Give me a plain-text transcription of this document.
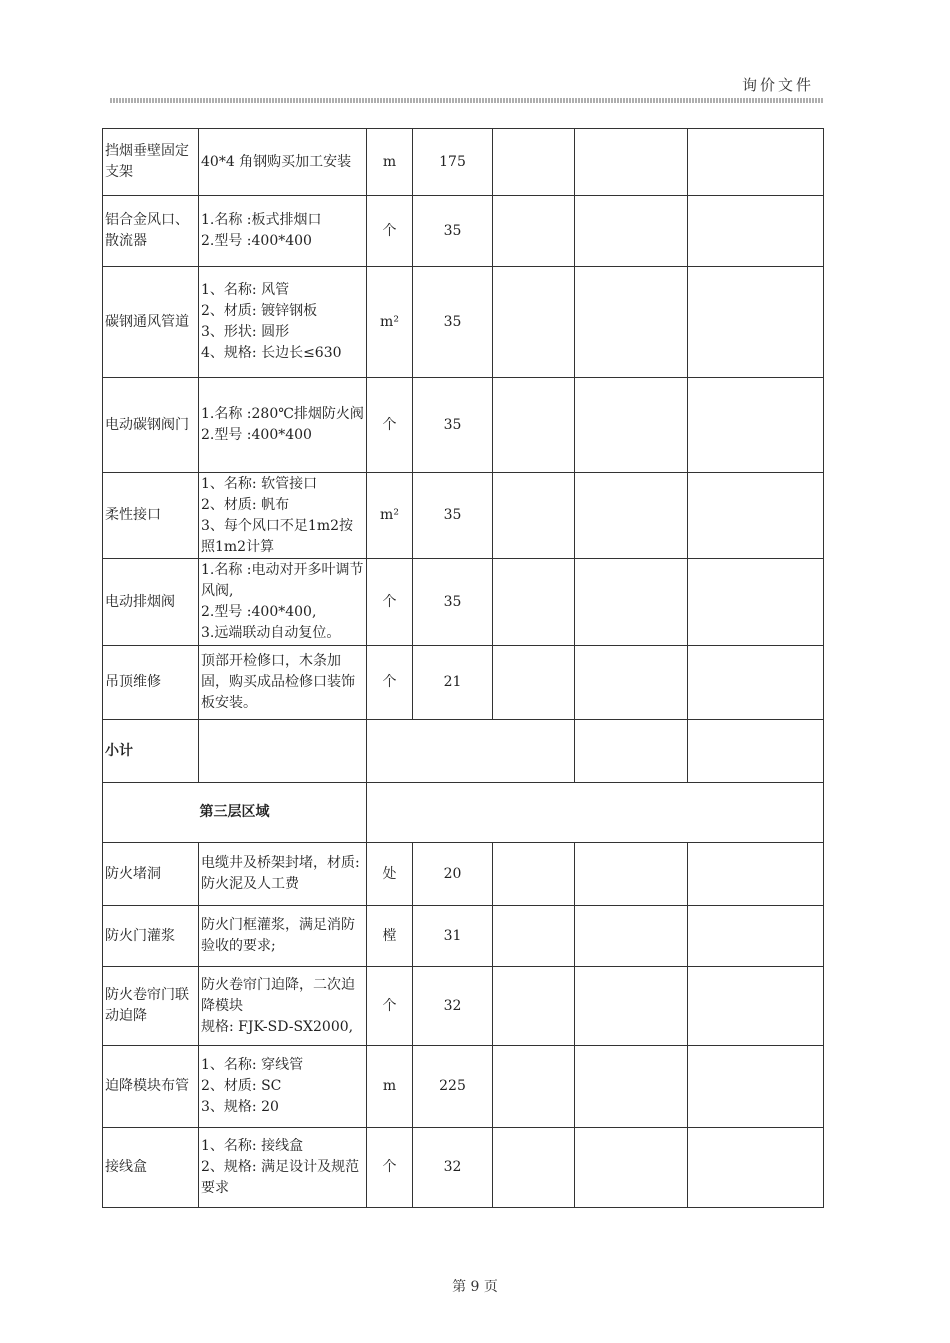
询价文件
挡烟垂壁固定支架	40*4 角钢购买加工安装	m	175			
铝合金风口、散流器	1.名称 :板式排烟口
2.型号 :400*400	个	35			
碳钢通风管道	1、名称: 风管
2、材质: 镀锌钢板
3、形状: 圆形
4、规格: 长边长≤630	m²	35			
电动碳钢阀门	1.名称 :280℃排烟防火阀
2.型号 :400*400	个	35			
柔性接口	1、名称: 软管接口
2、材质: 帆布
3、每个风口不足1m2按照1m2计算	m²	35			
电动排烟阀	1.名称 :电动对开多叶调节风阀,
2.型号 :400*400,
3.远端联动自动复位。	个	35			
吊顶维修	顶部开检修口，木条加固，购买成品检修口装饰板安装。	个	21			
小计						
第三层区域						
防火堵洞	电缆井及桥架封堵，材质: 防火泥及人工费	处	20			
防火门灌浆	防火门框灌浆，满足消防验收的要求;	樘	31			
防火卷帘门联动迫降	防火卷帘门迫降，二次迫降模块
规格: FJK-SD-SX2000,	个	32			
迫降模块布管	1、名称: 穿线管
2、材质: SC
3、规格: 20	m	225			
接线盒	1、名称: 接线盒
2、规格: 满足设计及规范要求	个	32			
第 9 页
